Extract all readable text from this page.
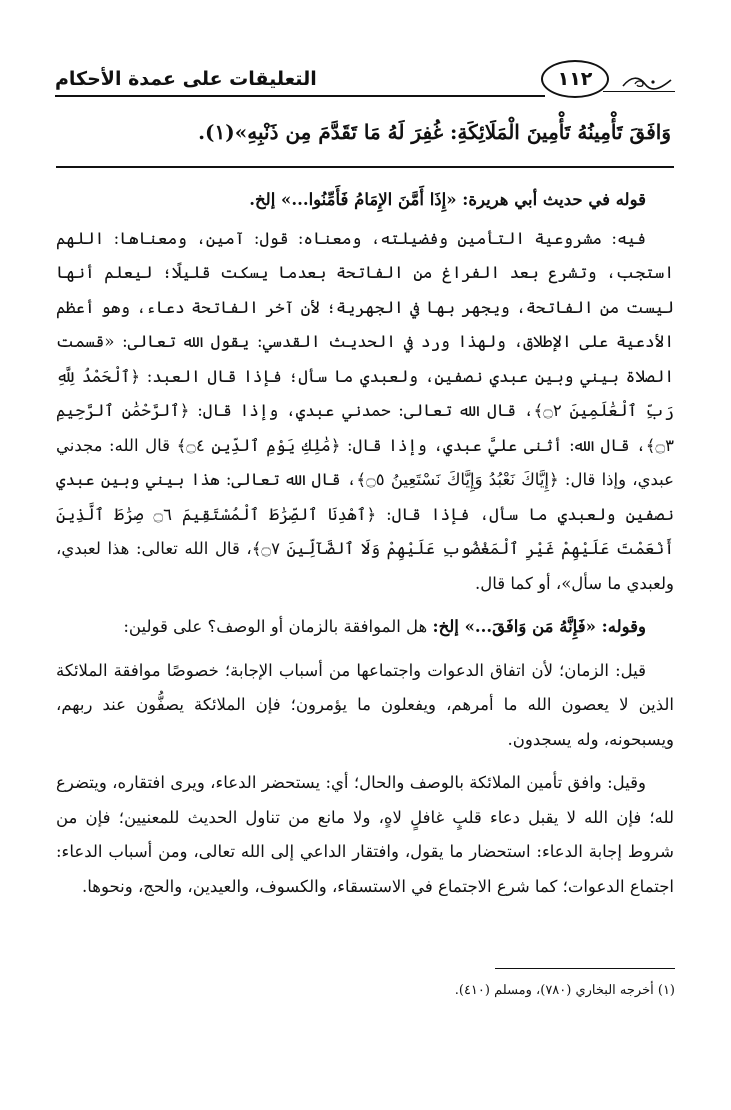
التعليقات على عمدة الأحكام	١١٢
وَافَقَ تَأْمِينُهُ تَأْمِينَ الْمَلَائِكَةِ: غُفِرَ لَهُ مَا تَقَدَّمَ مِن ذَنْبِهِ»(١).

قوله في حديث أبي هريرة: «إِذَا أَمَّنَ الإِمَامُ فَأَمِّنُوا...» إلخ.

فيه: مشروعية التأمين وفضيلته، ومعناه: قول: آمين، ومعناها: اللهم استجب، وتشرع بعد الفراغ من الفاتحة بعدما يسكت قليلًا؛ ليعلم أنها ليست من الفاتحة، ويجهر بها في الجهرية؛ لأن آخر الفاتحة دعاء، وهو أعظم الأدعية على الإطلاق، ولهذا ورد في الحديث القدسي: يقول الله تعالى: «قسمت الصلاة بيني وبين عبدي نصفين، ولعبدي ما سأل؛ فإذا قال العبد: ﴿ٱلْحَمْدُ لِلَّهِ رَبِّ ٱلْعَٰلَمِينَ ۝٢﴾، قال الله تعالى: حمدني عبدي، وإذا قال: ﴿ٱلرَّحْمَٰنِ ٱلرَّحِيمِ ۝٣﴾، قال الله: أثنى عليَّ عبدي، وإذا قال: ﴿مَٰلِكِ يَوْمِ ٱلدِّينِ ۝٤﴾ قال الله: مجدني عبدي، وإذا قال: ﴿إِيَّاكَ نَعْبُدُ وَإِيَّاكَ نَسْتَعِينُ ۝٥﴾، قال الله تعالى: هذا بيني وبين عبدي نصفين ولعبدي ما سأل، فإذا قال: ﴿ٱهْدِنَا ٱلصِّرَٰطَ ٱلْمُسْتَقِيمَ ۝٦ صِرَٰطَ ٱلَّذِينَ أَنْعَمْتَ عَلَيْهِمْ غَيْرِ ٱلْمَغْضُوبِ عَلَيْهِمْ وَلَا ٱلضَّآلِّينَ ۝٧﴾، قال الله تعالى: هذا لعبدي، ولعبدي ما سأل»، أو كما قال.

وقوله: «فَإِنَّهُ مَن وَافَقَ...» إلخ: هل الموافقة بالزمان أو الوصف؟ على قولين:

قيل: الزمان؛ لأن اتفاق الدعوات واجتماعها من أسباب الإجابة؛ خصوصًا موافقة الملائكة الذين لا يعصون الله ما أمرهم، ويفعلون ما يؤمرون؛ فإن الملائكة يصفُّون عند ربهم، ويسبحونه، وله يسجدون.

وقيل: وافق تأمين الملائكة بالوصف والحال؛ أي: يستحضر الدعاء، ويرى افتقاره، ويتضرع لله؛ فإن الله لا يقبل دعاء قلبٍ غافلٍ لاهٍ، ولا مانع من تناول الحديث للمعنيين؛ فإن من شروط إجابة الدعاء: استحضار ما يقول، وافتقار الداعي إلى الله تعالى، ومن أسباب الدعاء: اجتماع الدعوات؛ كما شرع الاجتماع في الاستسقاء، والكسوف، والعيدين، والحج، ونحوها.

(١) أخرجه البخاري (٧٨٠)، ومسلم (٤١٠).
